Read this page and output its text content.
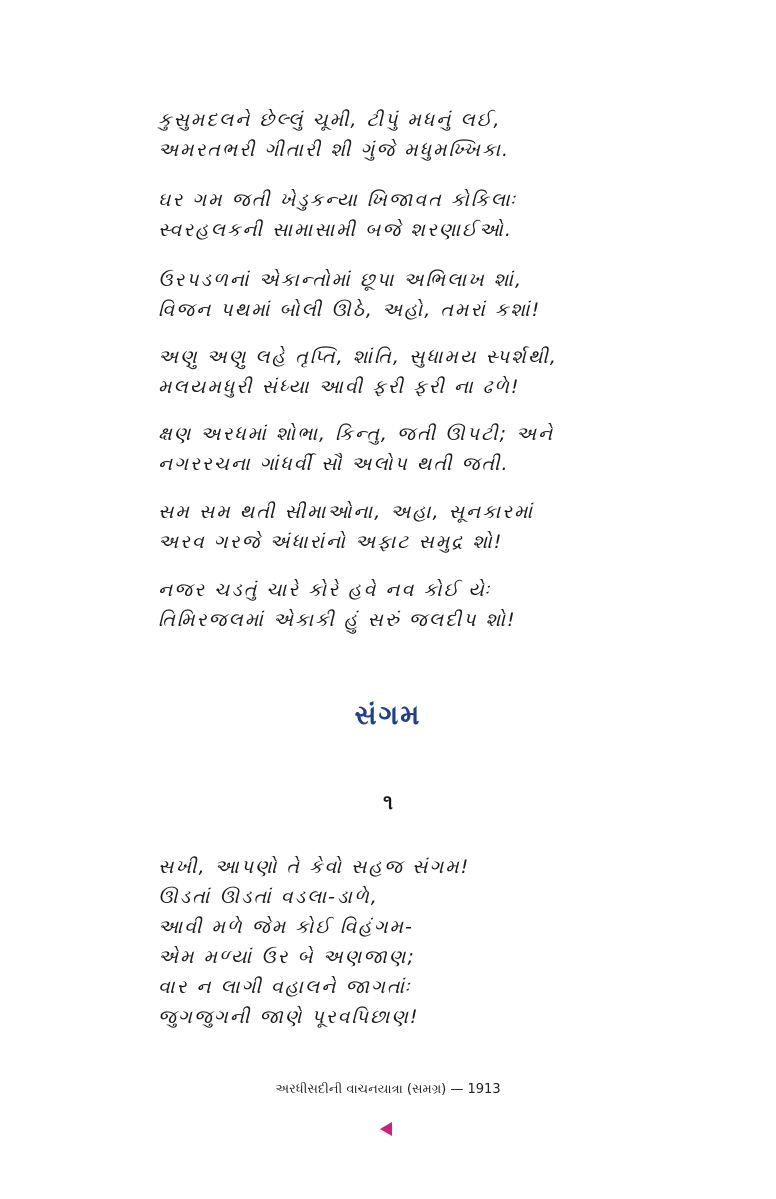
કુસુમદલને છેલ્લું ચૂમી, ટીપું મધનું લઈ,
અમરતભરી ગીતારી શી ગુંજે મધુમખ્ખિકા.
ઘર ગમ જતી ખેડુકન્યા ખિજાવત કોકિલાઃ
સ્વરહલકની સામાસામી બજે શરણાઈઓ.
ઉરપડળનાં એકાન્તોમાં છૂપા અભિલાખ શાં,
વિજન પથમાં બોલી ઊઠે, અહો, તમરાં કશાં!
અણુ અણુ લહે તૃપ્તિ, શાંતિ, સુધામય સ્પર્શથી,
મલયમધુરી સંધ્યા આવી ફરી ફરી ના ઢળે!
ક્ષણ અરધમાં શોભા, કિન્તુ, જતી ઊપટી; અને
નગરરચના ગાંધર્વી સૌ અલોપ થતી જતી.
સમ સમ થતી સીમાઓના, અહા, સૂનકારમાં
અરવ ગરજે અંધારાંનો અફાટ સમુદ્ર શો!
નજર ચડતું ચારે કોરે હવે નવ કોઈ યેઃ
તિમિરજલમાં એકાકી હું સરું જલદીપ શો!
સંગમ
૧
સખી, આપણો તે કેવો સહજ સંગમ!
ઊડતાં ઊડતાં વડલા-ડાળે,
આવી મળે જેમ કોઈ વિહંગમ-
એમ મળ્યાં ઉર બે અણજાણ;
વાર ન લાગી વહાલને જાગતાંઃ
જુગજુગની જાણે પૂરવપિછાણ!
અરધીસદીની વાચનયાત્રા (સમગ્ર) — 1913
